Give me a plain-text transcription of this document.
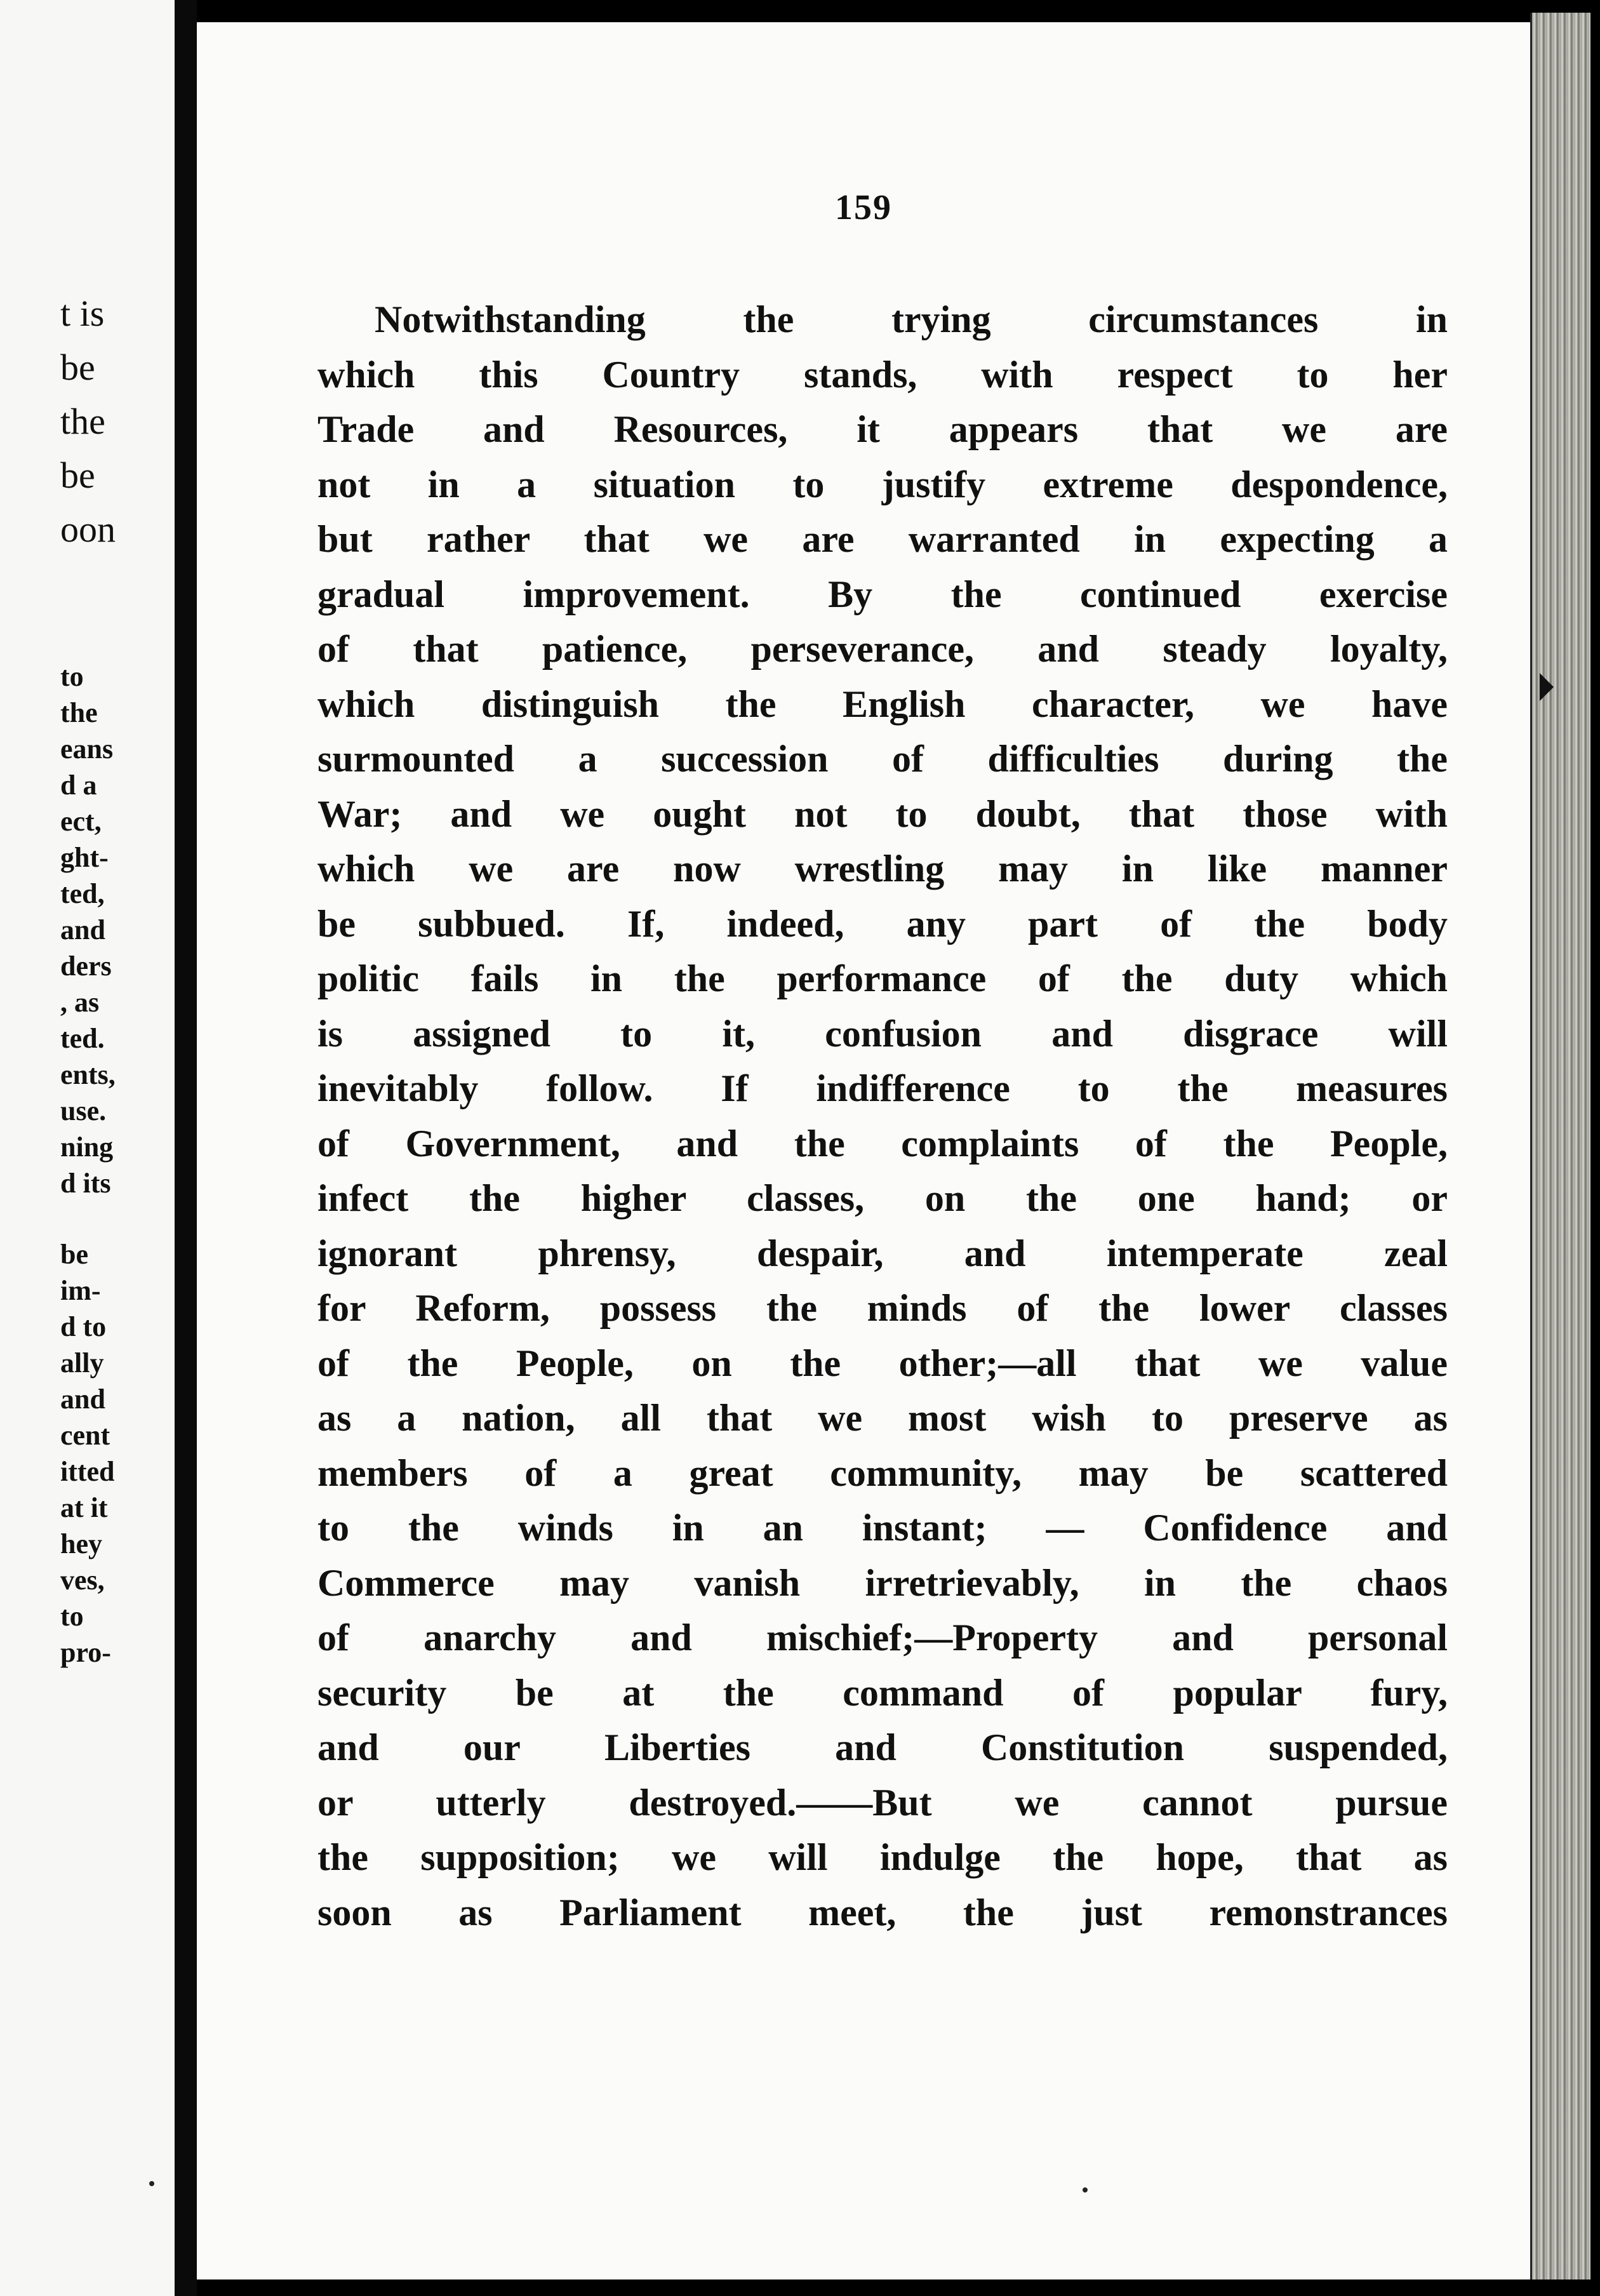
t is
be
the
be
oon
to
the
eans
d a
ect,
ght-
ted,
and
ders
, as
ted.
ents,
use.
ning
d its
be
im-
d to
ally
and
cent
itted
at it
hey
ves,
to
pro-
159
Notwithstanding the trying circumstances in
which this Country stands, with respect to her
Trade and Resources, it appears that we are
not in a situation to justify extreme despondence,
but rather that we are warranted in expecting a
gradual improvement. By the continued exercise
of that patience, perseverance, and steady loyalty,
which distinguish the English character, we have
surmounted a succession of difficulties during the
War; and we ought not to doubt, that those with
which we are now wrestling may in like manner
be subbued. If, indeed, any part of the body
politic fails in the performance of the duty which
is assigned to it, confusion and disgrace will
inevitably follow. If indifference to the measures
of Government, and the complaints of the People,
infect the higher classes, on the one hand; or
ignorant phrensy, despair, and intemperate zeal
for Reform, possess the minds of the lower classes
of the People, on the other;—all that we value
as a nation, all that we most wish to preserve as
members of a great community, may be scattered
to the winds in an instant; — Confidence and
Commerce may vanish irretrievably, in the chaos
of anarchy and mischief;—Property and personal
security be at the command of popular fury,
and our Liberties and Constitution suspended,
or utterly destroyed.——But we cannot pursue
the supposition; we will indulge the hope, that as
soon as Parliament meet, the just remonstrances
